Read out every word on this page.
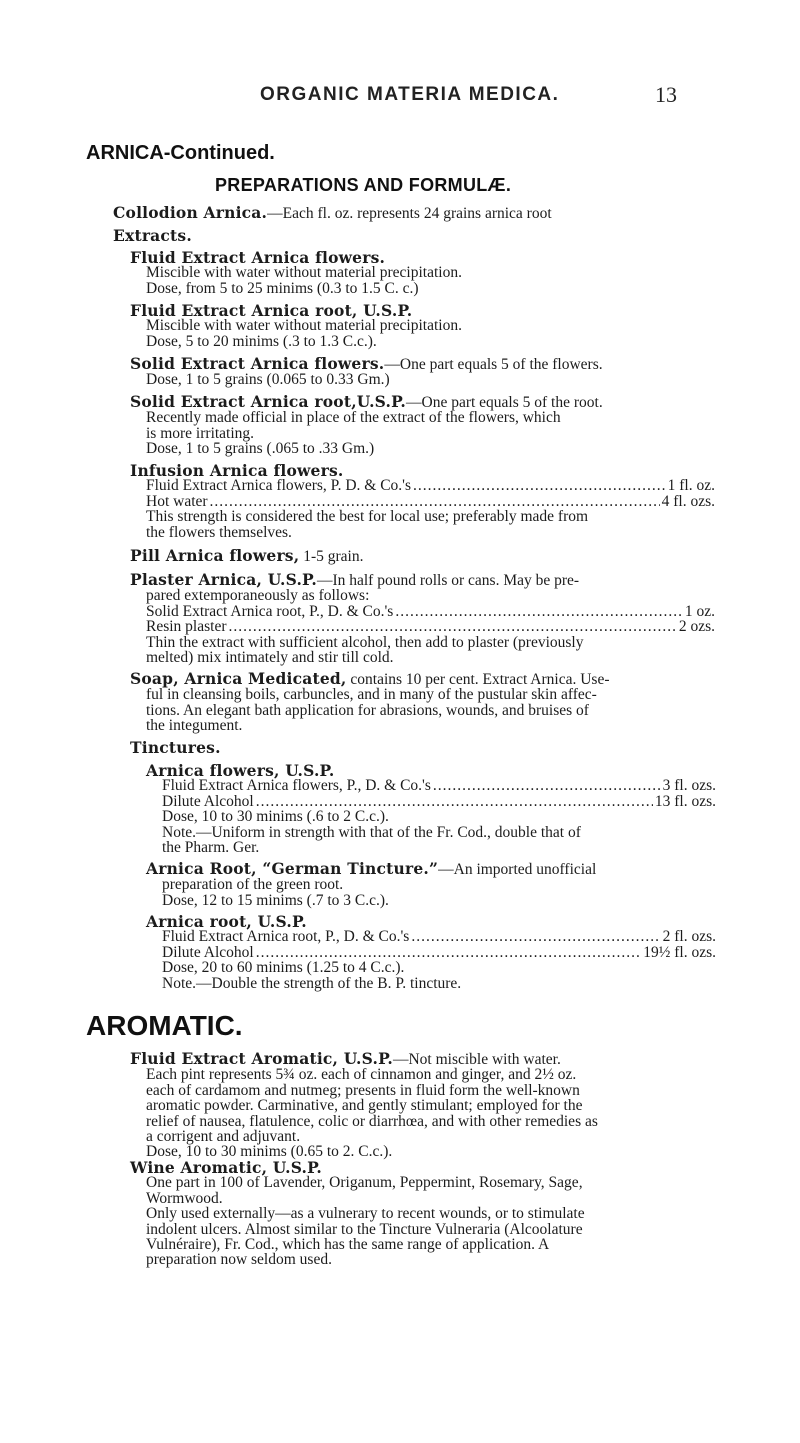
ORGANIC MATERIA MEDICA.	13
ARNICA-Continued.
PREPARATIONS AND FORMULÆ.
Collodion Arnica.—Each fl. oz. represents 24 grains arnica root
Extracts.
Fluid Extract Arnica flowers.
Miscible with water without material precipitation.
Dose, from 5 to 25 minims (0.3 to 1.5 C. c.)
Fluid Extract Arnica root, U.S.P.
Miscible with water without material precipitation.
Dose, 5 to 20 minims (.3 to 1.3 C.c.).
Solid Extract Arnica flowers.—One part equals 5 of the flowers.
Dose, 1 to 5 grains (0.065 to 0.33 Gm.)
Solid Extract Arnica root,U.S.P.—One part equals 5 of the root.
Recently made official in place of the extract of the flowers, which
is more irritating.
Dose, 1 to 5 grains (.065 to .33 Gm.)
Infusion Arnica flowers.
Fluid Extract Arnica flowers, P. D. & Co.'s .....	1 fl. oz.
Hot water .....	4 fl. ozs.
This strength is considered the best for local use; preferably made from
the flowers themselves.
Pill Arnica flowers, 1-5 grain.
Plaster Arnica, U.S.P.—In half pound rolls or cans. May be pre-
pared extemporaneously as follows:
Solid Extract Arnica root, P., D. & Co.'s .....	1 oz.
Resin plaster .....	2 ozs.
Thin the extract with sufficient alcohol, then add to plaster (previously
melted) mix intimately and stir till cold.
Soap, Arnica Medicated, contains 10 per cent. Extract Arnica. Use-
ful in cleansing boils, carbuncles, and in many of the pustular skin affec-
tions. An elegant bath application for abrasions, wounds, and bruises of
the integument.
Tinctures.
Arnica flowers, U.S.P.
Fluid Extract Arnica flowers, P., D. & Co.'s .....	3 fl. ozs.
Dilute Alcohol .....	13 fl. ozs.
Dose, 10 to 30 minims (.6 to 2 C.c.).
Note.—Uniform in strength with that of the Fr. Cod., double that of
the Pharm. Ger.
Arnica Root, “German Tincture.”—An imported unofficial
preparation of the green root.
Dose, 12 to 15 minims (.7 to 3 C.c.).
Arnica root, U.S.P.
Fluid Extract Arnica root, P., D. & Co.'s .....	2 fl. ozs.
Dilute Alcohol .....	19½ fl. ozs.
Dose, 20 to 60 minims (1.25 to 4 C.c.).
Note.—Double the strength of the B. P. tincture.
AROMATIC.
Fluid Extract Aromatic, U.S.P.—Not miscible with water.
Each pint represents 5¾ oz. each of cinnamon and ginger, and 2½ oz.
each of cardamom and nutmeg; presents in fluid form the well-known
aromatic powder. Carminative, and gently stimulant; employed for the
relief of nausea, flatulence, colic or diarrhœa, and with other remedies as
a corrigent and adjuvant.
Dose, 10 to 30 minims (0.65 to 2. C.c.).
Wine Aromatic, U.S.P.
One part in 100 of Lavender, Origanum, Peppermint, Rosemary, Sage,
Wormwood.
Only used externally—as a vulnerary to recent wounds, or to stimulate
indolent ulcers. Almost similar to the Tincture Vulneraria (Alcoolature
Vulnéraire), Fr. Cod., which has the same range of application. A
preparation now seldom used.
